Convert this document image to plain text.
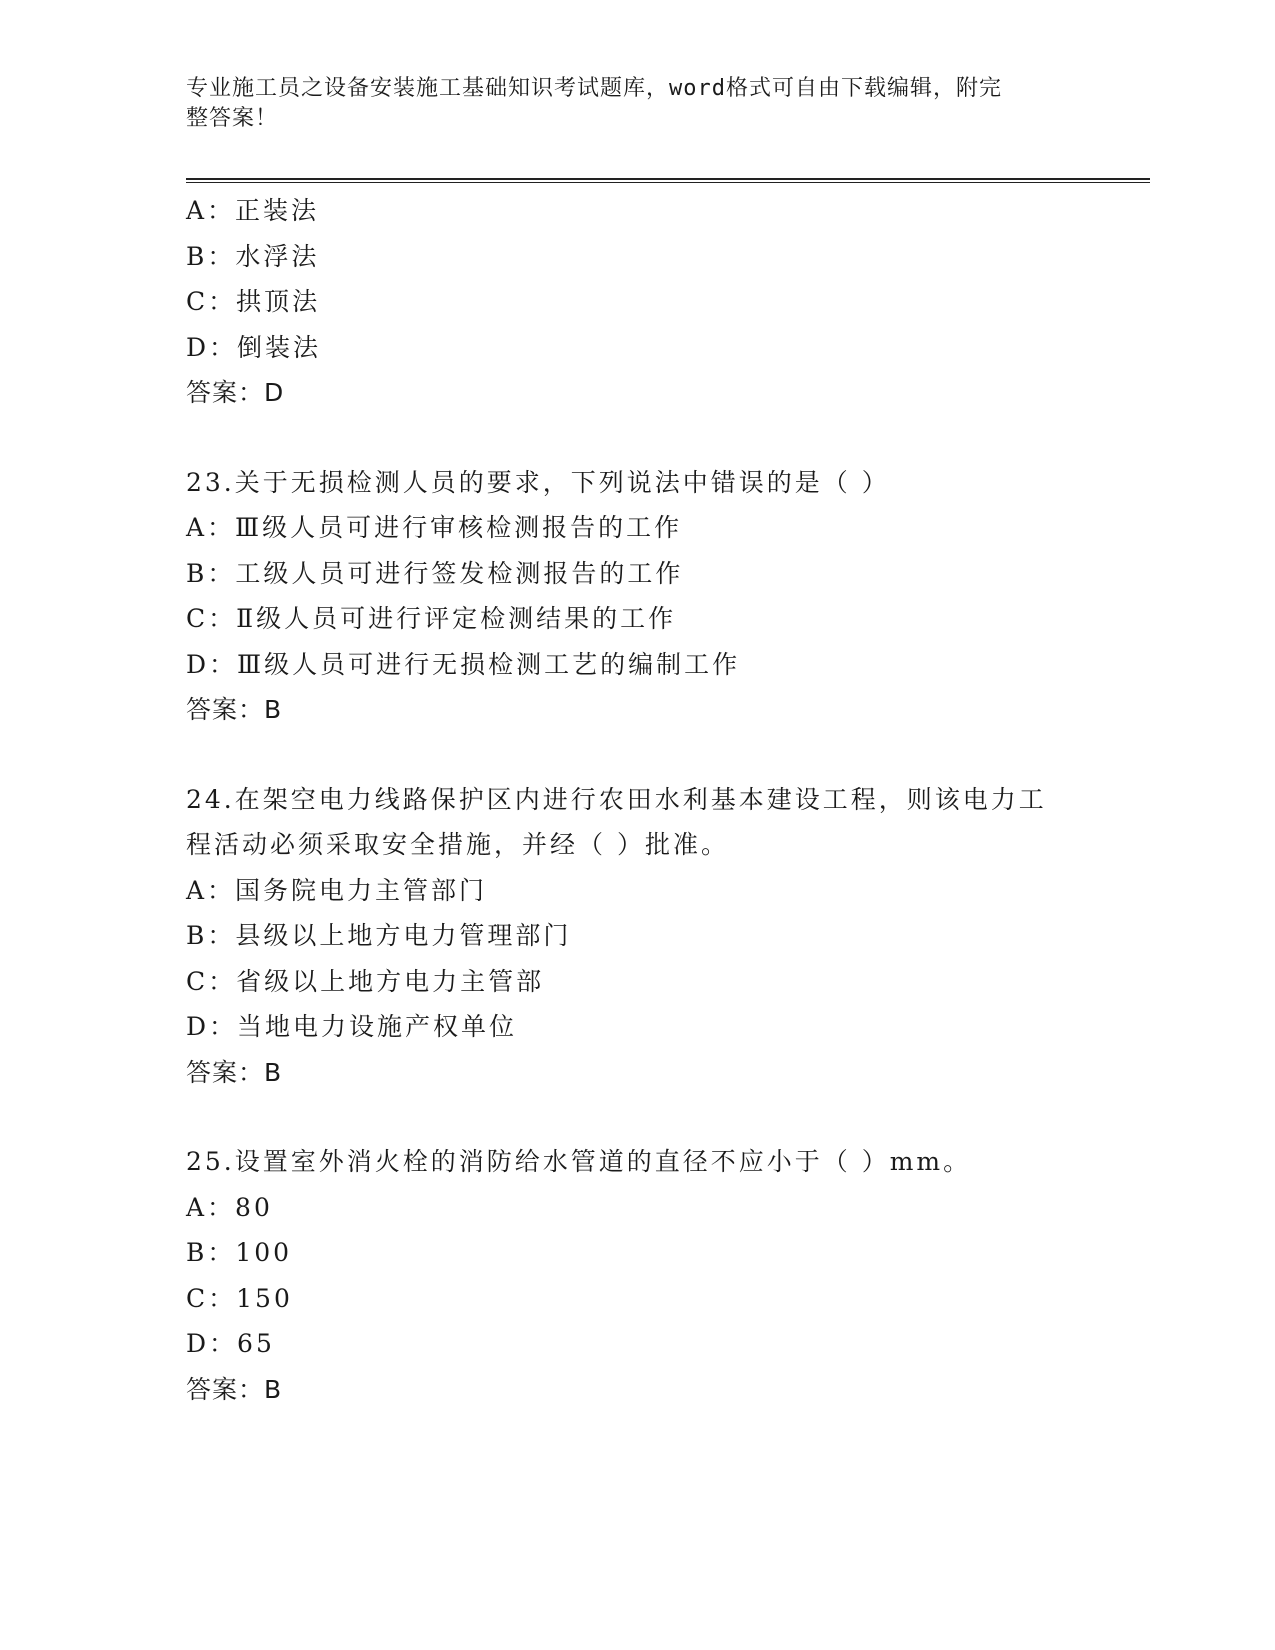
专业施工员之设备安装施工基础知识考试题库，word格式可自由下载编辑，附完
整答案！
A：正装法
B：水浮法
C：拱顶法
D：倒装法
答案：D
23.关于无损检测人员的要求，下列说法中错误的是（ ）
A：Ⅲ级人员可进行审核检测报告的工作
B：工级人员可进行签发检测报告的工作
C：Ⅱ级人员可进行评定检测结果的工作
D：Ⅲ级人员可进行无损检测工艺的编制工作
答案：B
24.在架空电力线路保护区内进行农田水利基本建设工程，则该电力工
程活动必须采取安全措施，并经（ ）批准。
A：国务院电力主管部门
B：县级以上地方电力管理部门
C：省级以上地方电力主管部
D：当地电力设施产权单位
答案：B
25.设置室外消火栓的消防给水管道的直径不应小于（ ）mm。
A：80
B：100
C：150
D：65
答案：B
